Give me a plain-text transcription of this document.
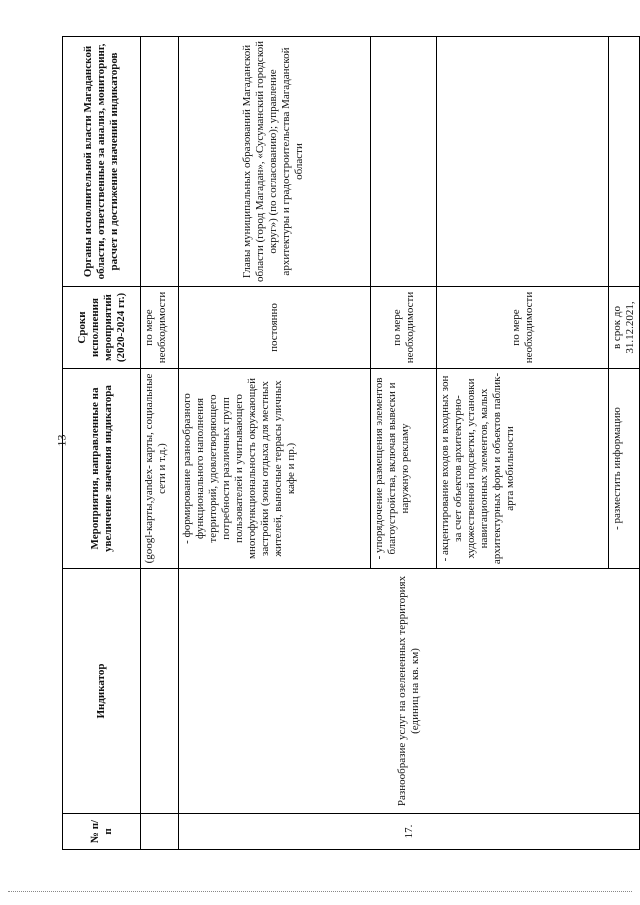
13
№ п/п	Индикатор	Мероприятия, направленные на увеличение значения индикатора	Сроки исполнения мероприятий (2020-2024 гг.)	Органы исполнительной власти Магаданской области, ответственные за анализ, мониторинг, расчет и достижение значений индикаторов
		(googl-карты,yandex- карты, социальные сети и т.д.)	по мере необходимости	
17.	Разнообразие услуг на озелененных территориях (единиц на кв. км)	- формирование разнообразного функционального наполнения территорий, удовлетворяющего потребности различных групп пользователей и учитывающего многофункциональность окружающей застройки (зоны отдыха для местных жителей, выносные террасы уличных кафе и пр.)	постоянно	Главы муниципальных образований Магаданской области (город Магадан», «Сусуманский городской округ») (по согласованию); управление архитектуры и градостроительства Магаданской области
		- упорядочение размещения элементов благоустройства, включая вывески и наружную рекламу	по мере необходимости	
		- акцентирование входов и входных зон за счет объектов архитектурно-художественной подсветки, установки навигационных элементов, малых архитектурных форм и объектов паблик-арта мобильности	по мере необходимости	
		- разместить информацию	в срок до 31.12.2021,	
